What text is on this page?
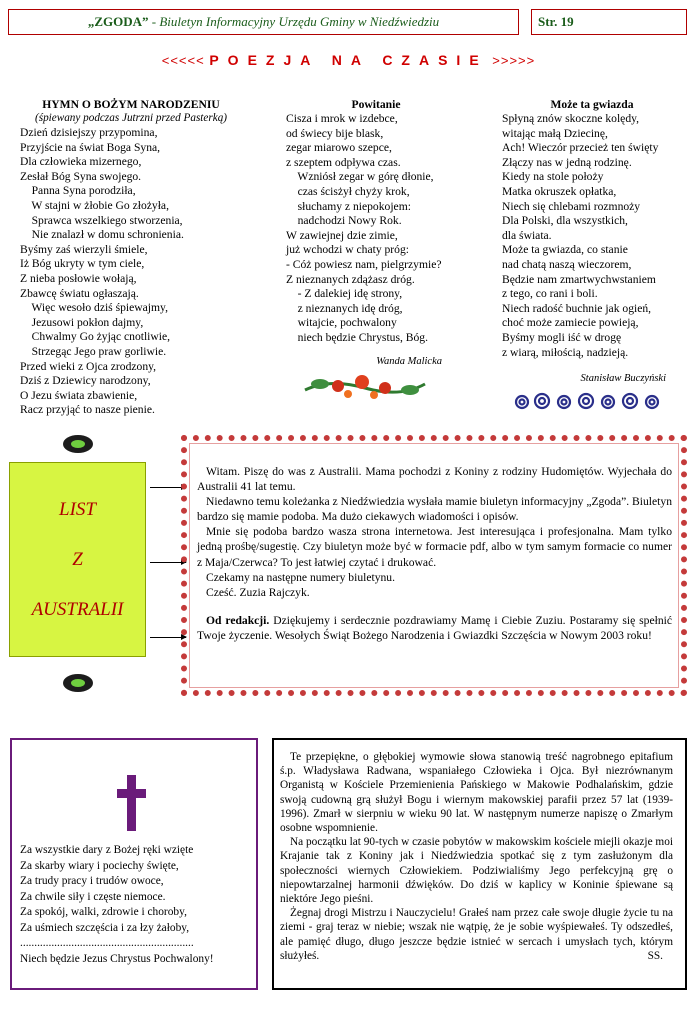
„ZGODA” - Biuletyn Informacyjny Urzędu Gminy w Niedźwiedziu	Str. 19
<<<<< POEZJA NA CZASIE >>>>>
HYMN O BOŻYM NARODZENIU
(śpiewany podczas Jutrzni przed Pasterką)
Dzień dzisiejszy przypomina,
Przyjście na świat Boga Syna,
Dla człowieka mizernego,
Zesłał Bóg Syna swojego.
Panna Syna porodziła,
W stajni w żłobie Go złożyła,
Sprawca wszelkiego stworzenia,
Nie znalazł w domu schronienia.
Byśmy zaś wierzyli śmiele,
Iż Bóg ukryty w tym ciele,
Z nieba posłowie wołają,
Zbawcę światu ogłaszają.
Więc wesoło dziś śpiewajmy,
Jezusowi pokłon dajmy,
Chwalmy Go żyjąc cnotliwie,
Strzegąc Jego praw gorliwie.
Przed wieki z Ojca zrodzony,
Dziś z Dziewicy narodzony,
O Jezu świata zbawienie,
Racz przyjąć to nasze pienie.
Powitanie
Cisza i mrok w izdebce,
od świecy bije blask,
zegar miarowo szepce,
z szeptem odpływa czas.
Wzniósł zegar w górę dłonie,
czas ścisżył chyży krok,
słuchamy z niepokojem:
nadchodzi Nowy Rok.
W zawiejnej dzie zimie,
już wchodzi w chaty próg:
- Cóż powiesz nam, pielgrzymie?
Z nieznanych zdążasz dróg.
- Z dalekiej idę strony,
z nieznanych idę dróg,
witajcie, pochwalony
niech będzie Chrystus, Bóg.
Wanda Malicka
Może ta gwiazda
Spłyną znów skoczne kolędy,
witając małą Dziecinę,
Ach! Wieczór przecież ten święty
Złączy nas w jedną rodzinę.
Kiedy na stole położy
Matka okruszek opłatka,
Niech się chlebami rozmnoży
Dla Polski, dla wszystkich,
dla świata.
Może ta gwiazda, co stanie
nad chatą naszą wieczorem,
Będzie nam zmartwychwstaniem
z tego, co rani i boli.
Niech radość buchnie jak ogień,
choć może zamiecie powieją,
Byśmy mogli iść w drogę
z wiarą, miłością, nadzieją.
Stanisław Buczyński
LIST
Z
AUSTRALII

Witam. Piszę do was z Australii. Mama pochodzi z Koniny z rodziny Hudomiętów. Wyjechała do Australii 41 lat temu.

Niedawno temu koleżanka z Niedźwiedzia wysłała mamie biuletyn informacyjny „Zgoda”. Biuletyn bardzo się mamie podoba. Ma dużo ciekawych wiadomości i opisów.

Mnie się podoba bardzo wasza strona internetowa. Jest interesująca i profesjonalna. Mam tylko jedną prośbę/sugestię. Czy biuletyn może być w formacie pdf, albo w tym samym formacie co numer z Maja/Czerwca? To jest łatwiej czytać i drukować.

Czekamy na następne numery biuletynu.

Cześć. Zuzia Rajczyk.

Od redakcji. Dziękujemy i serdecznie pozdrawiamy Mamę i Ciebie Zuziu. Postaramy się spełnić Twoje życzenie. Wesołych Świąt Bożego Narodzenia i Gwiazdki Szczęścia w Nowym 2003 roku!

Za wszystkie dary z Bożej ręki wzięte
Za skarby wiary i pociechy święte,
Za trudy pracy i trudów owoce,
Za chwile siły i częste niemoce.
Za spokój, walki, zdrowie i choroby,
Za uśmiech szczęścia i za łzy żałoby,
.............................................................
Niech będzie Jezus Chrystus Pochwalony!

Te przepiękne, o głębokiej wymowie słowa stanowią treść nagrobnego epitafium ś.p. Władysława Radwana, wspaniałego Człowieka i Ojca. Był niezrównanym Organistą w Kościele Przemienienia Pańskiego w Makowie Podhalańskim, gdzie swoją cudowną grą służył Bogu i wiernym makowskiej parafii przez 57 lat (1939-1996). Zmarł w sierpniu w wieku 90 lat. W następnym numerze napiszę o Zmarłym osobne wspomnienie.

Na początku lat 90-tych w czasie pobytów w makowskim kościele miejli okazje moi Krajanie tak z Koniny jak i Niedźwiedzia spotkać się z tym zasłużonym dla społeczności wiernych Człowiekiem. Podziwialiśmy Jego perfekcyjną grę o niepowtarzalnej harmonii dźwięków. Do dziś w kaplicy w Koninie śpiewane są niektóre Jego pieśni.

Żegnaj drogi Mistrzu i Nauczycielu! Grałeś nam przez całe swoje długie życie tu na ziemi - graj teraz w niebie; wszak nie wątpię, że je sobie wyśpiewałeś. Ty odszedłeś, ale pamięć długo, długo jeszcze będzie istnieć w sercach i umysłach tych, którym służyłeś.	SS.
